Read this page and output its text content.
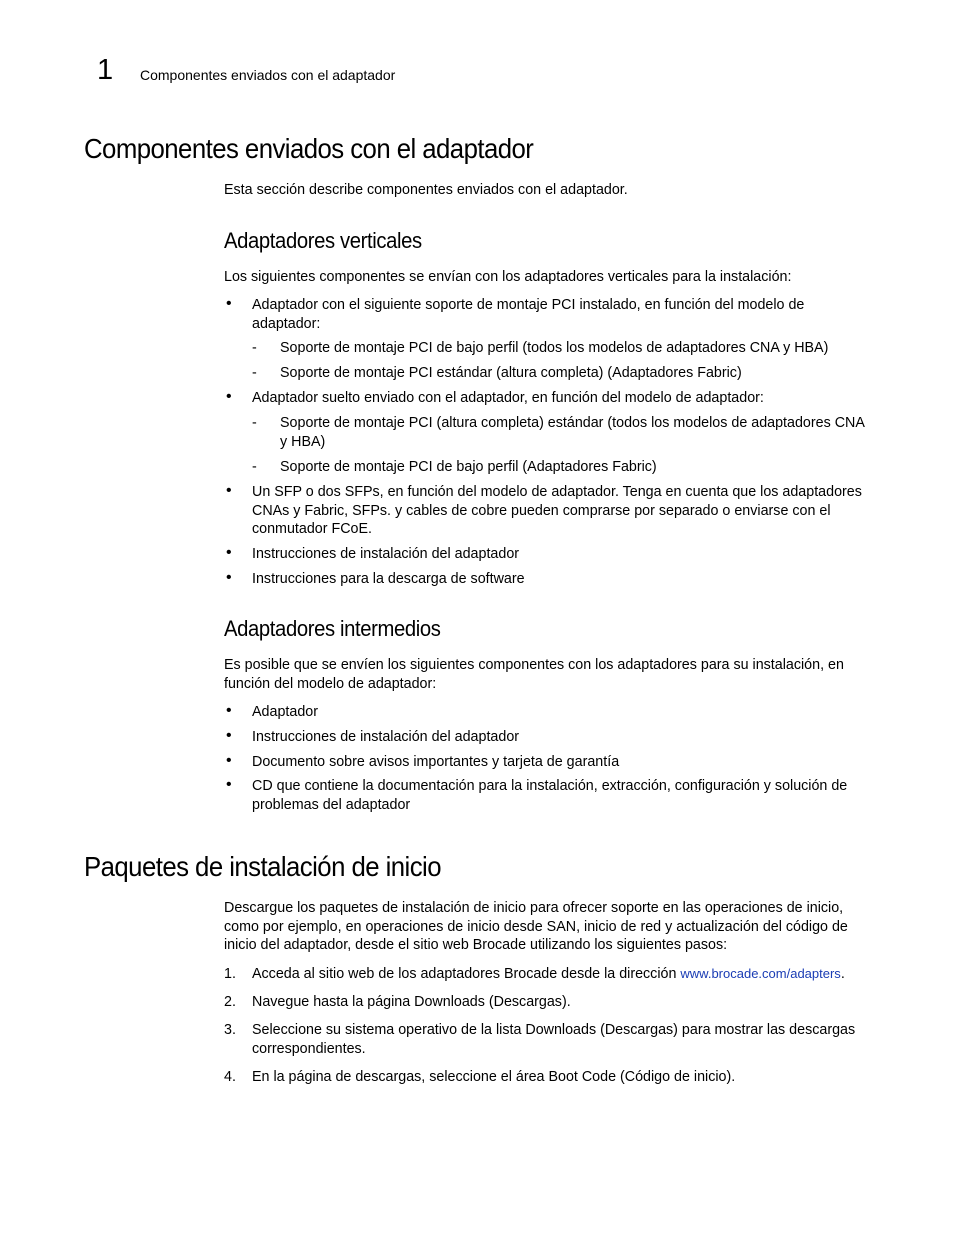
1 Componentes enviados con el adaptador
Componentes enviados con el adaptador
Esta sección describe componentes enviados con el adaptador.
Adaptadores verticales
Los siguientes componentes se envían con los adaptadores verticales para la instalación:
• Adaptador con el siguiente soporte de montaje PCI instalado, en función del modelo de adaptador:
- Soporte de montaje PCI de bajo perfil (todos los modelos de adaptadores CNA y HBA)
- Soporte de montaje PCI estándar (altura completa) (Adaptadores Fabric)
• Adaptador suelto enviado con el adaptador, en función del modelo de adaptador:
- Soporte de montaje PCI (altura completa) estándar (todos los modelos de adaptadores CNA y HBA)
- Soporte de montaje PCI de bajo perfil (Adaptadores Fabric)
• Un SFP o dos SFPs, en función del modelo de adaptador. Tenga en cuenta que los adaptadores CNAs y Fabric, SFPs. y cables de cobre pueden comprarse por separado o enviarse con el conmutador FCoE.
• Instrucciones de instalación del adaptador
• Instrucciones para la descarga de software
Adaptadores intermedios
Es posible que se envíen los siguientes componentes con los adaptadores para su instalación, en función del modelo de adaptador:
• Adaptador
• Instrucciones de instalación del adaptador
• Documento sobre avisos importantes y tarjeta de garantía
• CD que contiene la documentación para la instalación, extracción, configuración y solución de problemas del adaptador
Paquetes de instalación de inicio
Descargue los paquetes de instalación de inicio para ofrecer soporte en las operaciones de inicio, como por ejemplo, en operaciones de inicio desde SAN, inicio de red y actualización del código de inicio del adaptador, desde el sitio web Brocade utilizando los siguientes pasos:
1. Acceda al sitio web de los adaptadores Brocade desde la dirección www.brocade.com/adapters.
2. Navegue hasta la página Downloads (Descargas).
3. Seleccione su sistema operativo de la lista Downloads (Descargas) para mostrar las descargas correspondientes.
4. En la página de descargas, seleccione el área Boot Code (Código de inicio).
